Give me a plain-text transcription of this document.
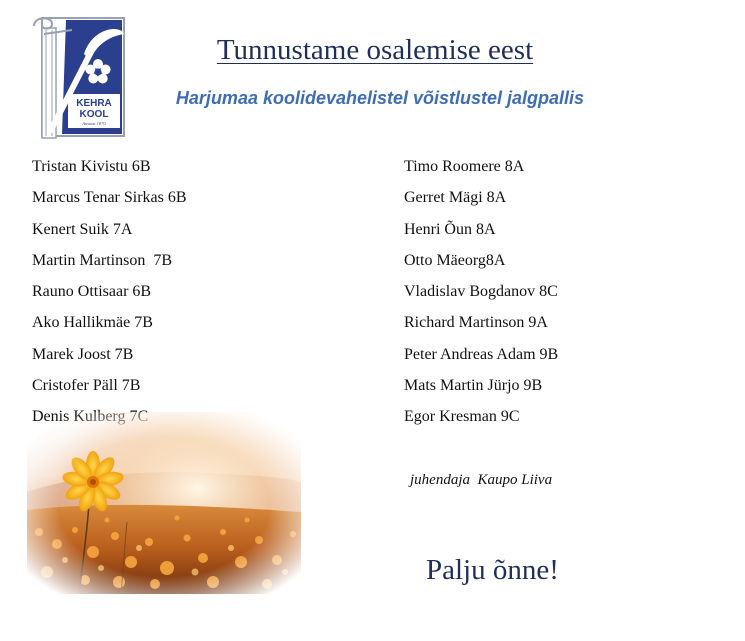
KEHRA
KOOL
Aastast 1870
Tunnustame osalemise eest

Harjumaa koolidevahelistel võistlustel jalgpallis

Tristan Kivistu 6B
Marcus Tenar Sirkas 6B
Kenert Suik 7A
Martin Martinson  7B
Rauno Ottisaar 6B
Ako Hallikmäe 7B
Marek Joost 7B
Cristofer Päll 7B
Timo Roomere 8A
Gerret Mägi 8A
Henri Õun 8A
Otto Mäeorg8A
Vladislav Bogdanov 8C
Richard Martinson 9A
Peter Andreas Adam 9B
Mats Martin Jürjo 9B
Egor Kresman 9C

juhendaja  Kaupo Liiva

Palju õnne!
